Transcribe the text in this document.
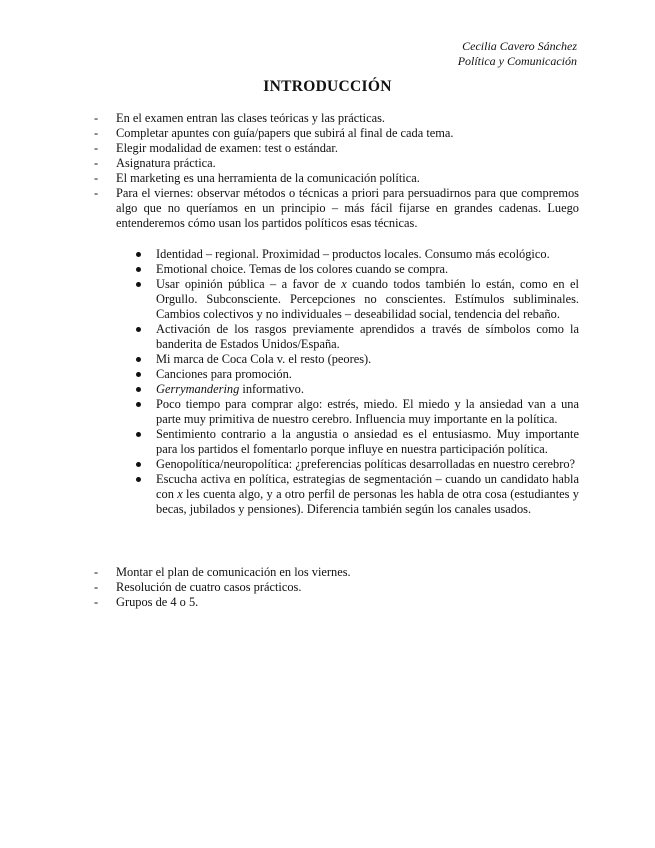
Cecilia Cavero Sánchez
Política y Comunicación
INTRODUCCIÓN
- En el examen entran las clases teóricas y las prácticas.
- Completar apuntes con guía/papers que subirá al final de cada tema.
- Elegir modalidad de examen: test o estándar.
- Asignatura práctica.
- El marketing es una herramienta de la comunicación política.
- Para el viernes: observar métodos o técnicas a priori para persuadirnos para que compremos algo que no queríamos en un principio – más fácil fijarse en grandes cadenas. Luego entenderemos cómo usan los partidos políticos esas técnicas.
Identidad – regional. Proximidad – productos locales. Consumo más ecológico.
Emotional choice. Temas de los colores cuando se compra.
Usar opinión pública – a favor de x cuando todos también lo están, como en el Orgullo. Subconsciente. Percepciones no conscientes. Estímulos subliminales. Cambios colectivos y no individuales – deseabilidad social, tendencia del rebaño.
Activación de los rasgos previamente aprendidos a través de símbolos como la banderita de Estados Unidos/España.
Mi marca de Coca Cola v. el resto (peores).
Canciones para promoción.
Gerrymandering informativo.
Poco tiempo para comprar algo: estrés, miedo. El miedo y la ansiedad van a una parte muy primitiva de nuestro cerebro. Influencia muy importante en la política.
Sentimiento contrario a la angustia o ansiedad es el entusiasmo. Muy importante para los partidos el fomentarlo porque influye en nuestra participación política.
Genopolítica/neuropolítica: ¿preferencias políticas desarrolladas en nuestro cerebro?
Escucha activa en política, estrategias de segmentación – cuando un candidato habla con x les cuenta algo, y a otro perfil de personas les habla de otra cosa (estudiantes y becas, jubilados y pensiones). Diferencia también según los canales usados.
- Montar el plan de comunicación en los viernes.
- Resolución de cuatro casos prácticos.
- Grupos de 4 o 5.
